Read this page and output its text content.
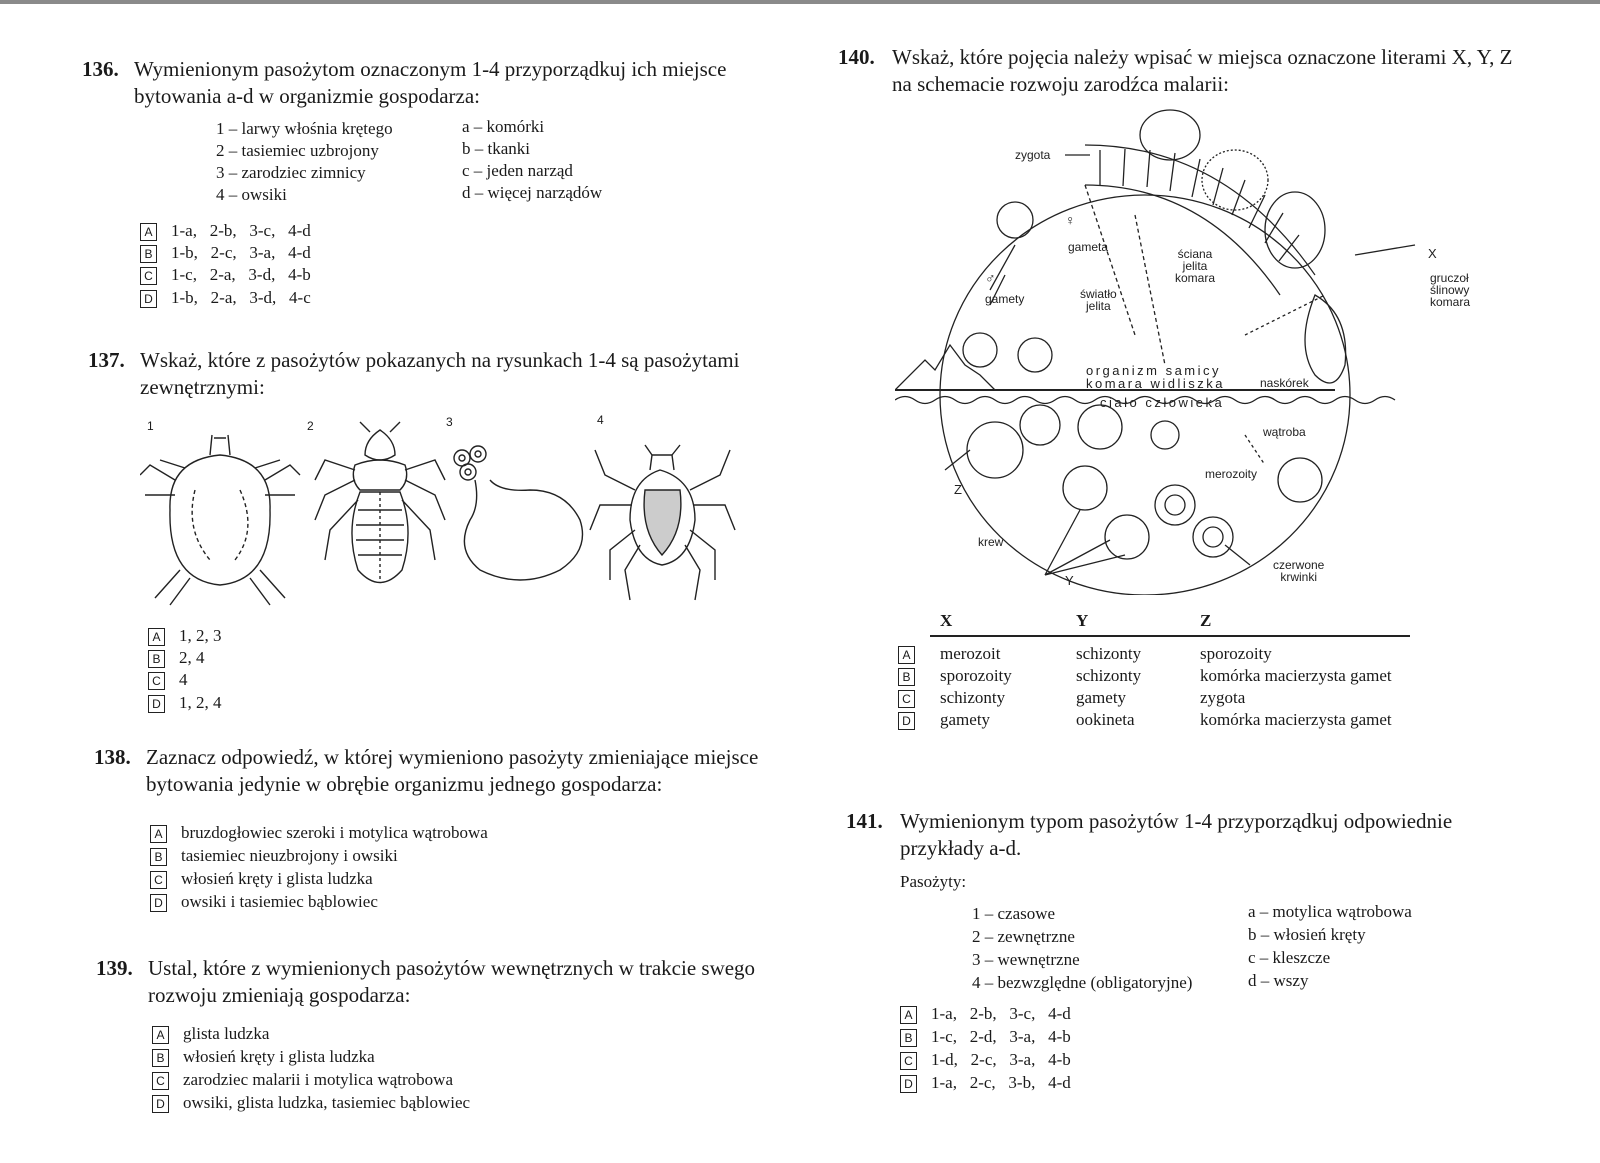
136. Wymienionym pasożytom oznaczonym 1-4 przyporządkuj ich miejsce bytowania a-d w organizmie gospodarza:
1 – larwy włośnia krętego
2 – tasiemiec uzbrojony
3 – zarodziec zimnicy
4 – owsiki
a – komórki
b – tkanki
c – jeden narząd
d – więcej narządów
A 1-a,   2-b,   3-c,   4-d
B 1-b,   2-c,   3-a,   4-d
C 1-c,   2-a,   3-d,   4-b
D 1-b,   2-a,   3-d,   4-c
137. Wskaż, które z pasożytów pokazanych na rysunkach 1-4 są pasożytami zewnętrznymi:
1	2	3	4
A 1, 2, 3
B 2, 4
C 4
D 1, 2, 4
138. Zaznacz odpowiedź, w której wymieniono pasożyty zmieniające miejsce bytowania jedynie w obrębie organizmu jednego gospodarza:
A bruzdogłowiec szeroki i motylica wątrobowa
B tasiemiec nieuzbrojony i owsiki
C włosień kręty i glista ludzka
D owsiki i tasiemiec bąblowiec
139. Ustal, które z wymienionych pasożytów wewnętrznych w trakcie swego rozwoju zmieniają gospodarza:
A glista ludzka
B włosień kręty i glista ludzka
C zarodziec malarii i motylica wątrobowa
D owsiki, glista ludzka, tasiemiec bąblowiec
140. Wskaż, które pojęcia należy wpisać w miejsca oznaczone literami X, Y, Z na schemacie rozwoju zarodźca malarii:
zygota
♀
gameta
♂
gamety
ściana
jelita
komara
światło
jelita
organizm samicy
komara widliszka	naskórek
ciało człowieka
wątroba
merozoity
krew
czerwone
krwinki
gruczoł
ślinowy
komara
X
Y
Z
X	Y	Z
A merozoit	schizonty	sporozoity
B sporozoity	schizonty	komórka macierzysta gamet
C schizonty	gamety	zygota
D gamety	ookineta	komórka macierzysta gamet
141. Wymienionym typom pasożytów 1-4 przyporządkuj odpowiednie przykłady a-d.
Pasożyty:
1 – czasowe
2 – zewnętrzne
3 – wewnętrzne
4 – bezwzględne (obligatoryjne)
a – motylica wątrobowa
b – włosień kręty
c – kleszcze
d – wszy
A 1-a,   2-b,   3-c,   4-d
B 1-c,   2-d,   3-a,   4-b
C 1-d,   2-c,   3-a,   4-b
D 1-a,   2-c,   3-b,   4-d
